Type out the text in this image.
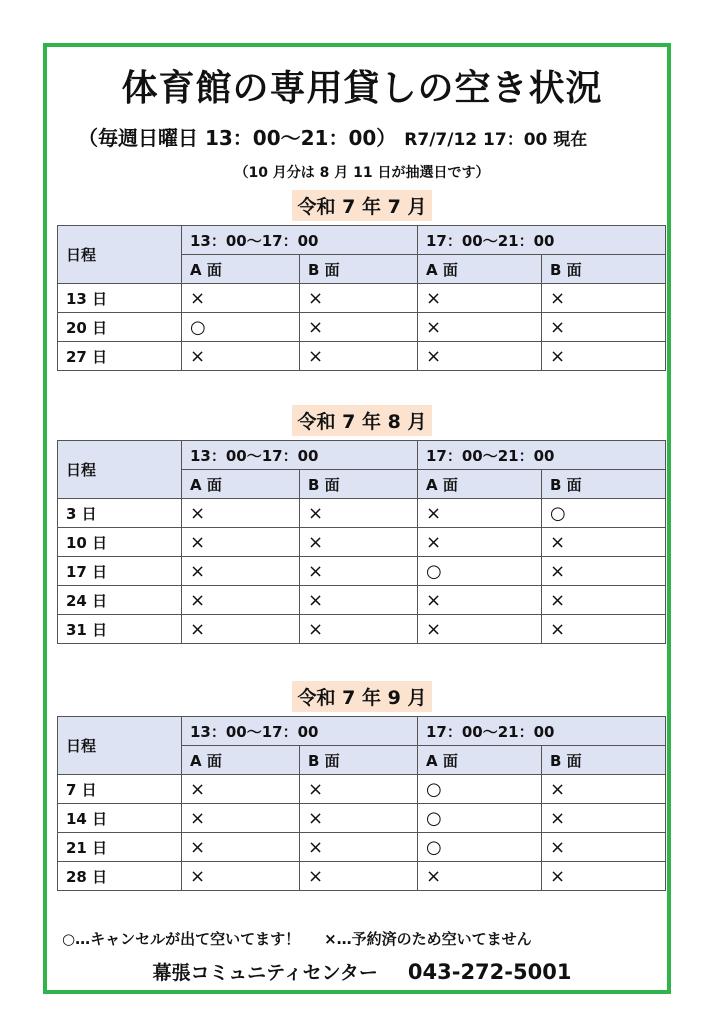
体育館の専用貸しの空き状況
（毎週日曜日 13：00～21：00） R7/7/12 17：00 現在
（10 月分は 8 月 11 日が抽選日です）
令和 7 年 7 月
日程	13：00～17：00		17：00～21：00	
	A 面	B 面	A 面	B 面
13 日	×	×	×	×
20 日	○	×	×	×
27 日	×	×	×	×
令和 7 年 8 月
日程	13：00～17：00		17：00～21：00	
	A 面	B 面	A 面	B 面
3 日	×	×	×	○
10 日	×	×	×	×
17 日	×	×	○	×
24 日	×	×	×	×
31 日	×	×	×	×
令和 7 年 9 月
日程	13：00～17：00		17：00～21：00	
	A 面	B 面	A 面	B 面
7 日	×	×	○	×
14 日	×	×	○	×
21 日	×	×	○	×
28 日	×	×	×	×
○…キャンセルが出て空いてます！ ×…予約済のため空いてません
幕張コミュニティセンター 043-272-5001
